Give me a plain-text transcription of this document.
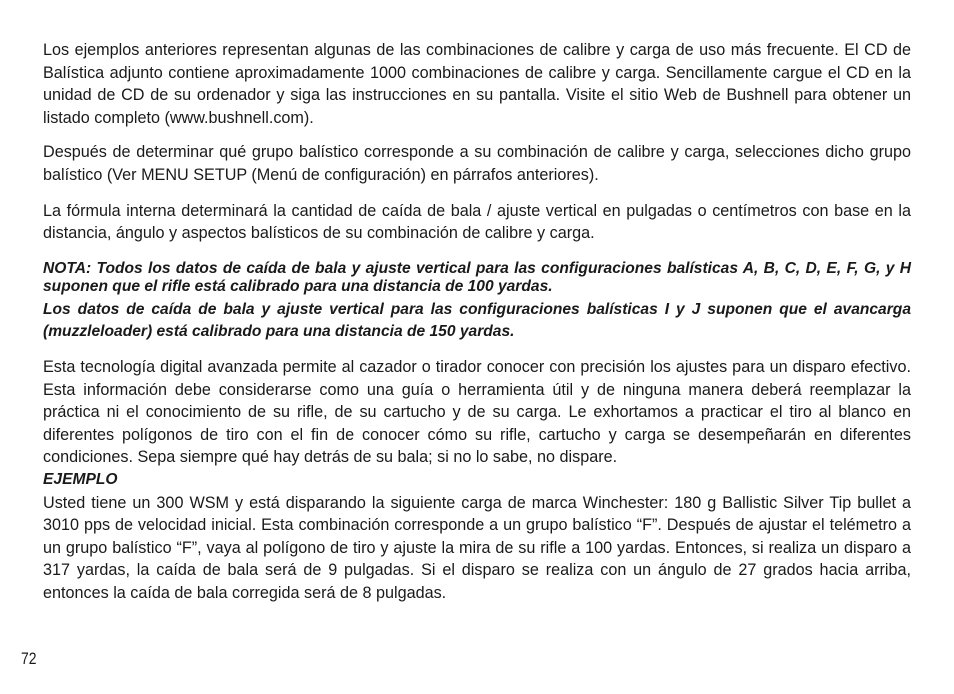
Los ejemplos anteriores representan algunas de las combinaciones de calibre y carga de uso más frecuente. El CD de Balística adjunto contiene aproximadamente 1000 combinaciones de calibre y carga. Sencillamente cargue el CD en la unidad de CD de su ordenador y siga las instrucciones en su pantalla. Visite el sitio Web de Bushnell para obtener un listado completo (www.bushnell.com).

Después de determinar qué grupo balístico corresponde a su combinación de calibre y carga, selecciones dicho grupo balístico (Ver MENU SETUP (Menú de configuración) en párrafos anteriores).

La fórmula interna determinará la cantidad de caída de bala / ajuste vertical en pulgadas o centímetros con base en la distancia, ángulo y aspectos balísticos de su combinación de calibre y carga.

NOTA: Todos los datos de caída de bala y ajuste vertical para las configuraciones balísticas A, B, C, D, E, F, G, y H suponen que el rifle está calibrado para una distancia de 100 yardas.

Los datos de caída de bala y ajuste vertical para las configuraciones balísticas I y J suponen que el avancarga (muzzleloader) está calibrado para una distancia de 150 yardas.

Esta tecnología digital avanzada permite al cazador o tirador conocer con precisión los ajustes para un disparo efectivo. Esta información debe considerarse como una guía o herramienta útil y de ninguna manera deberá reemplazar la práctica ni el conocimiento de su rifle, de su cartucho y de su carga. Le exhortamos a practicar el tiro al blanco en diferentes polígonos de tiro con el fin de conocer cómo su rifle, cartucho y carga se desempeñarán en diferentes condiciones. Sepa siempre qué hay detrás de su bala; si no lo sabe, no dispare.

EJEMPLO

Usted tiene un 300 WSM y está disparando la siguiente carga de marca Winchester: 180 g Ballistic Silver Tip bullet a 3010 pps de velocidad inicial. Esta combinación corresponde a un grupo balístico “F”. Después de ajustar el telémetro a un grupo balístico “F”, vaya al polígono de tiro y ajuste la mira de su rifle a 100 yardas. Entonces, si realiza un disparo a 317 yardas, la caída de bala será de 9 pulgadas. Si el disparo se realiza con un ángulo de 27 grados hacia arriba, entonces la caída de bala corregida será de 8 pulgadas.

72
